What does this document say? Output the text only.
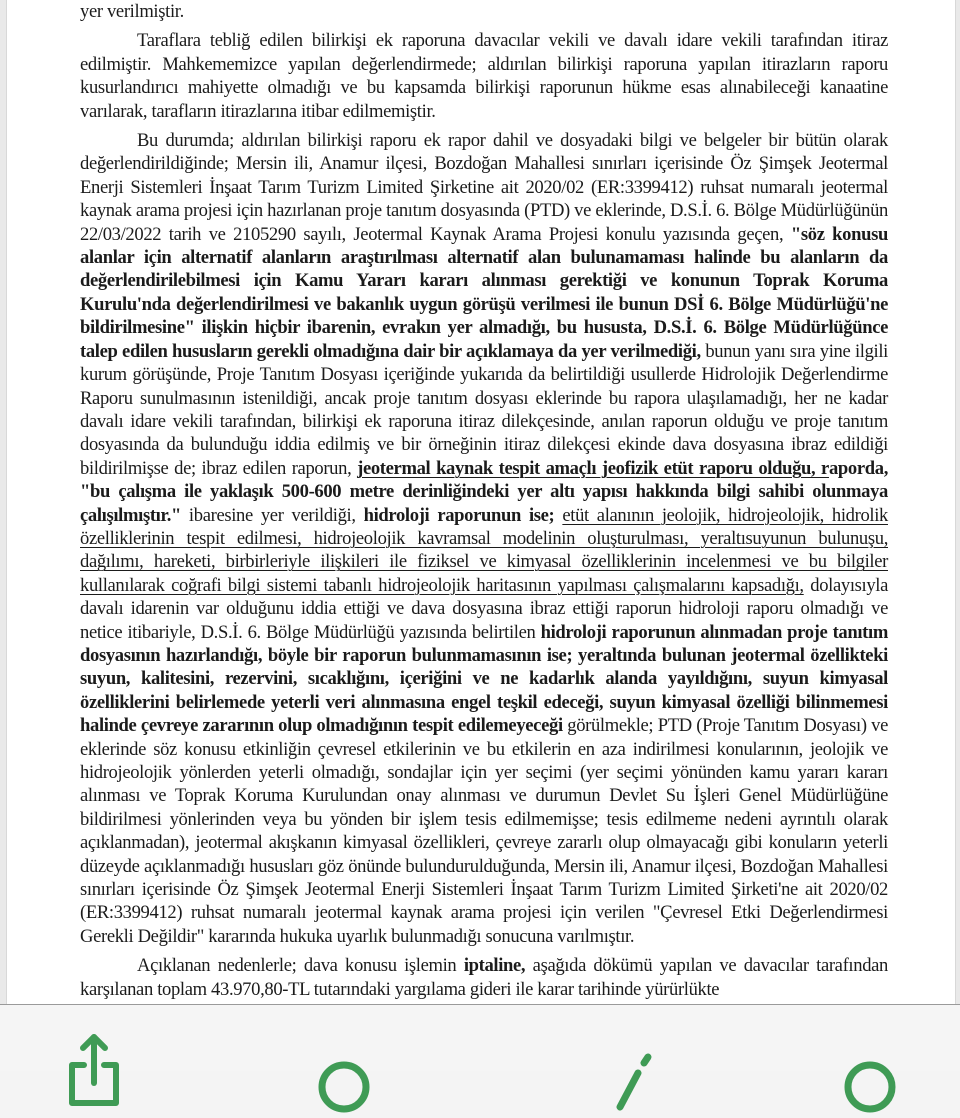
yer verilmiştir.

Taraflara tebliğ edilen bilirkişi ek raporuna davacılar vekili ve davalı idare vekili tarafından itiraz edilmiştir. Mahkememizce yapılan değerlendirmede; aldırılan bilirkişi raporuna yapılan itirazların raporu kusurlandırıcı mahiyette olmadığı ve bu kapsamda bilirkişi raporunun hükme esas alınabileceği kanaatine varılarak, tarafların itirazlarına itibar edilmemiştir.

Bu durumda; aldırılan bilirkişi raporu ek rapor dahil ve dosyadaki bilgi ve belgeler bir bütün olarak değerlendirildiğinde; Mersin ili, Anamur ilçesi, Bozdoğan Mahallesi sınırları içerisinde Öz Şimşek Jeotermal Enerji Sistemleri İnşaat Tarım Turizm Limited Şirketine ait 2020/02 (ER:3399412) ruhsat numaralı jeotermal kaynak arama projesi için hazırlanan proje tanıtım dosyasında (PTD) ve eklerinde, D.S.İ. 6. Bölge Müdürlüğünün 22/03/2022 tarih ve 2105290 sayılı, Jeotermal Kaynak Arama Projesi konulu yazısında geçen, "söz konusu alanlar için alternatif alanların araştırılması alternatif alan bulunamaması halinde bu alanların da değerlendirilebilmesi için Kamu Yararı kararı alınması gerektiği ve konunun Toprak Koruma Kurulu'nda değerlendirilmesi ve bakanlık uygun görüşü verilmesi ile bunun DSİ 6. Bölge Müdürlüğü'ne bildirilmesine" ilişkin hiçbir ibarenin, evrakın yer almadığı, bu hususta, D.S.İ. 6. Bölge Müdürlüğünce talep edilen hususların gerekli olmadığına dair bir açıklamaya da yer verilmediği, bunun yanı sıra yine ilgili kurum görüşünde, Proje Tanıtım Dosyası içeriğinde yukarıda da belirtildiği usullerde Hidrolojik Değerlendirme Raporu sunulmasının istenildiği, ancak proje tanıtım dosyası eklerinde bu rapora ulaşılamadığı, her ne kadar davalı idare vekili tarafından, bilirkişi ek raporuna itiraz dilekçesinde, anılan raporun olduğu ve proje tanıtım dosyasında da bulunduğu iddia edilmiş ve bir örneğinin itiraz dilekçesi ekinde dava dosyasına ibraz edildiği bildirilmişse de; ibraz edilen raporun, jeotermal kaynak tespit amaçlı jeofizik etüt raporu olduğu, raporda, "bu çalışma ile yaklaşık 500-600 metre derinliğindeki yer altı yapısı hakkında bilgi sahibi olunmaya çalışılmıştır." ibaresine yer verildiği, hidroloji raporunun ise; etüt alanının jeolojik, hidrojeolojik, hidrolik özelliklerinin tespit edilmesi, hidrojeolojik kavramsal modelinin oluşturulması, yeraltısuyunun bulunuşu, dağılımı, hareketi, birbirleriyle ilişkileri ile fiziksel ve kimyasal özelliklerinin incelenmesi ve bu bilgiler kullanılarak coğrafi bilgi sistemi tabanlı hidrojeolojik haritasının yapılması çalışmalarını kapsadığı, dolayısıyla davalı idarenin var olduğunu iddia ettiği ve dava dosyasına ibraz ettiği raporun hidroloji raporu olmadığı ve netice itibariyle, D.S.İ. 6. Bölge Müdürlüğü yazısında belirtilen hidroloji raporunun alınmadan proje tanıtım dosyasının hazırlandığı, böyle bir raporun bulunmamasının ise; yeraltında bulunan jeotermal özellikteki suyun, kalitesini, rezervini, sıcaklığını, içeriğini ve ne kadarlık alanda yayıldığını, suyun kimyasal özelliklerini belirlemede yeterli veri alınmasına engel teşkil edeceği, suyun kimyasal özelliği bilinmemesi halinde çevreye zararının olup olmadığının tespit edilemeyeceği görülmekle; PTD (Proje Tanıtım Dosyası) ve eklerinde söz konusu etkinliğin çevresel etkilerinin ve bu etkilerin en aza indirilmesi konularının, jeolojik ve hidrojeolojik yönlerden yeterli olmadığı, sondajlar için yer seçimi (yer seçimi yönünden kamu yararı kararı alınması ve Toprak Koruma Kurulundan onay alınması ve durumun Devlet Su İşleri Genel Müdürlüğüne bildirilmesi yönlerinden veya bu yönden bir işlem tesis edilmemişse; tesis edilmeme nedeni ayrıntılı olarak açıklanmadan), jeotermal akışkanın kimyasal özellikleri, çevreye zararlı olup olmayacağı gibi konuların yeterli düzeyde açıklanmadığı hususları göz önünde bulundurulduğunda, Mersin ili, Anamur ilçesi, Bozdoğan Mahallesi sınırları içerisinde Öz Şimşek Jeotermal Enerji Sistemleri İnşaat Tarım Turizm Limited Şirketi'ne ait 2020/02 (ER:3399412) ruhsat numaralı jeotermal kaynak arama projesi için verilen "Çevresel Etki Değerlendirmesi Gerekli Değildir" kararında hukuka uyarlık bulunmadığı sonucuna varılmıştır.

Açıklanan nedenlerle; dava konusu işlemin iptaline, aşağıda dökümü yapılan ve davacılar tarafından karşılanan toplam 43.970,80-TL tutarındaki yargılama gideri ile karar tarihinde yürürlükte
